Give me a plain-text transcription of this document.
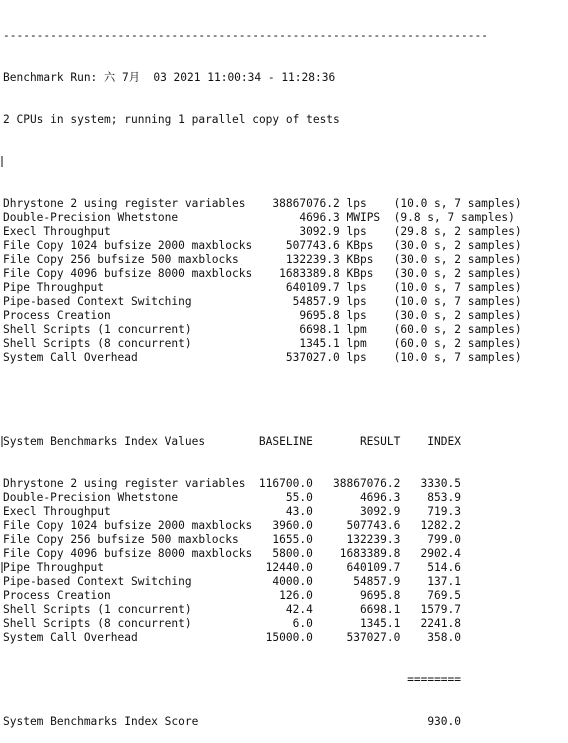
------------------------------------------------------------------------

Benchmark Run: 六 7月  03 2021 11:00:34 - 11:28:36

2 CPUs in system; running 1 parallel copy of tests

Dhrystone 2 using register variables 38867076.2 lps (10.0 s, 7 samples)
Double-Precision Whetstone	4696.3 MWIPS (9.8 s, 7 samples)
Execl Throughput	3092.9 lps (29.8 s, 2 samples)
File Copy 1024 bufsize 2000 maxblocks	507743.6 KBps (30.0 s, 2 samples)
File Copy 256 bufsize 500 maxblocks	132239.3 KBps (30.0 s, 2 samples)
File Copy 4096 bufsize 8000 maxblocks 1683389.8 KBps (30.0 s, 2 samples)
Pipe Throughput	640109.7 lps (10.0 s, 7 samples)
Pipe-based Context Switching	54857.9 lps (10.0 s, 7 samples)
Process Creation	9695.8 lps (30.0 s, 2 samples)
Shell Scripts (1 concurrent)	6698.1 lpm (60.0 s, 2 samples)
Shell Scripts (8 concurrent)	1345.1 lpm (60.0 s, 2 samples)
System Call Overhead	537027.0 lps (10.0 s, 7 samples)

System Benchmarks Index Values	BASELINE	RESULT INDEX

Dhrystone 2 using register variables 116700.0 38867076.2 3330.5
Double-Precision Whetstone	55.0	4696.3 853.9
Execl Throughput	43.0	3092.9 719.3
File Copy 1024 bufsize 2000 maxblocks 3960.0	507743.6 1282.2
File Copy 256 bufsize 500 maxblocks	1655.0	132239.3 799.0
File Copy 4096 bufsize 8000 maxblocks 5800.0 1683389.8 2902.4
Pipe Throughput	12440.0	640109.7 514.6
Pipe-based Context Switching	4000.0	54857.9 137.1
Process Creation	126.0	9695.8 769.5
Shell Scripts (1 concurrent)	42.4	6698.1 1579.7
Shell Scripts (8 concurrent)	6.0	1345.1 2241.8
System Call Overhead	15000.0	537027.0 358.0

========

System Benchmarks Index Score	930.0
